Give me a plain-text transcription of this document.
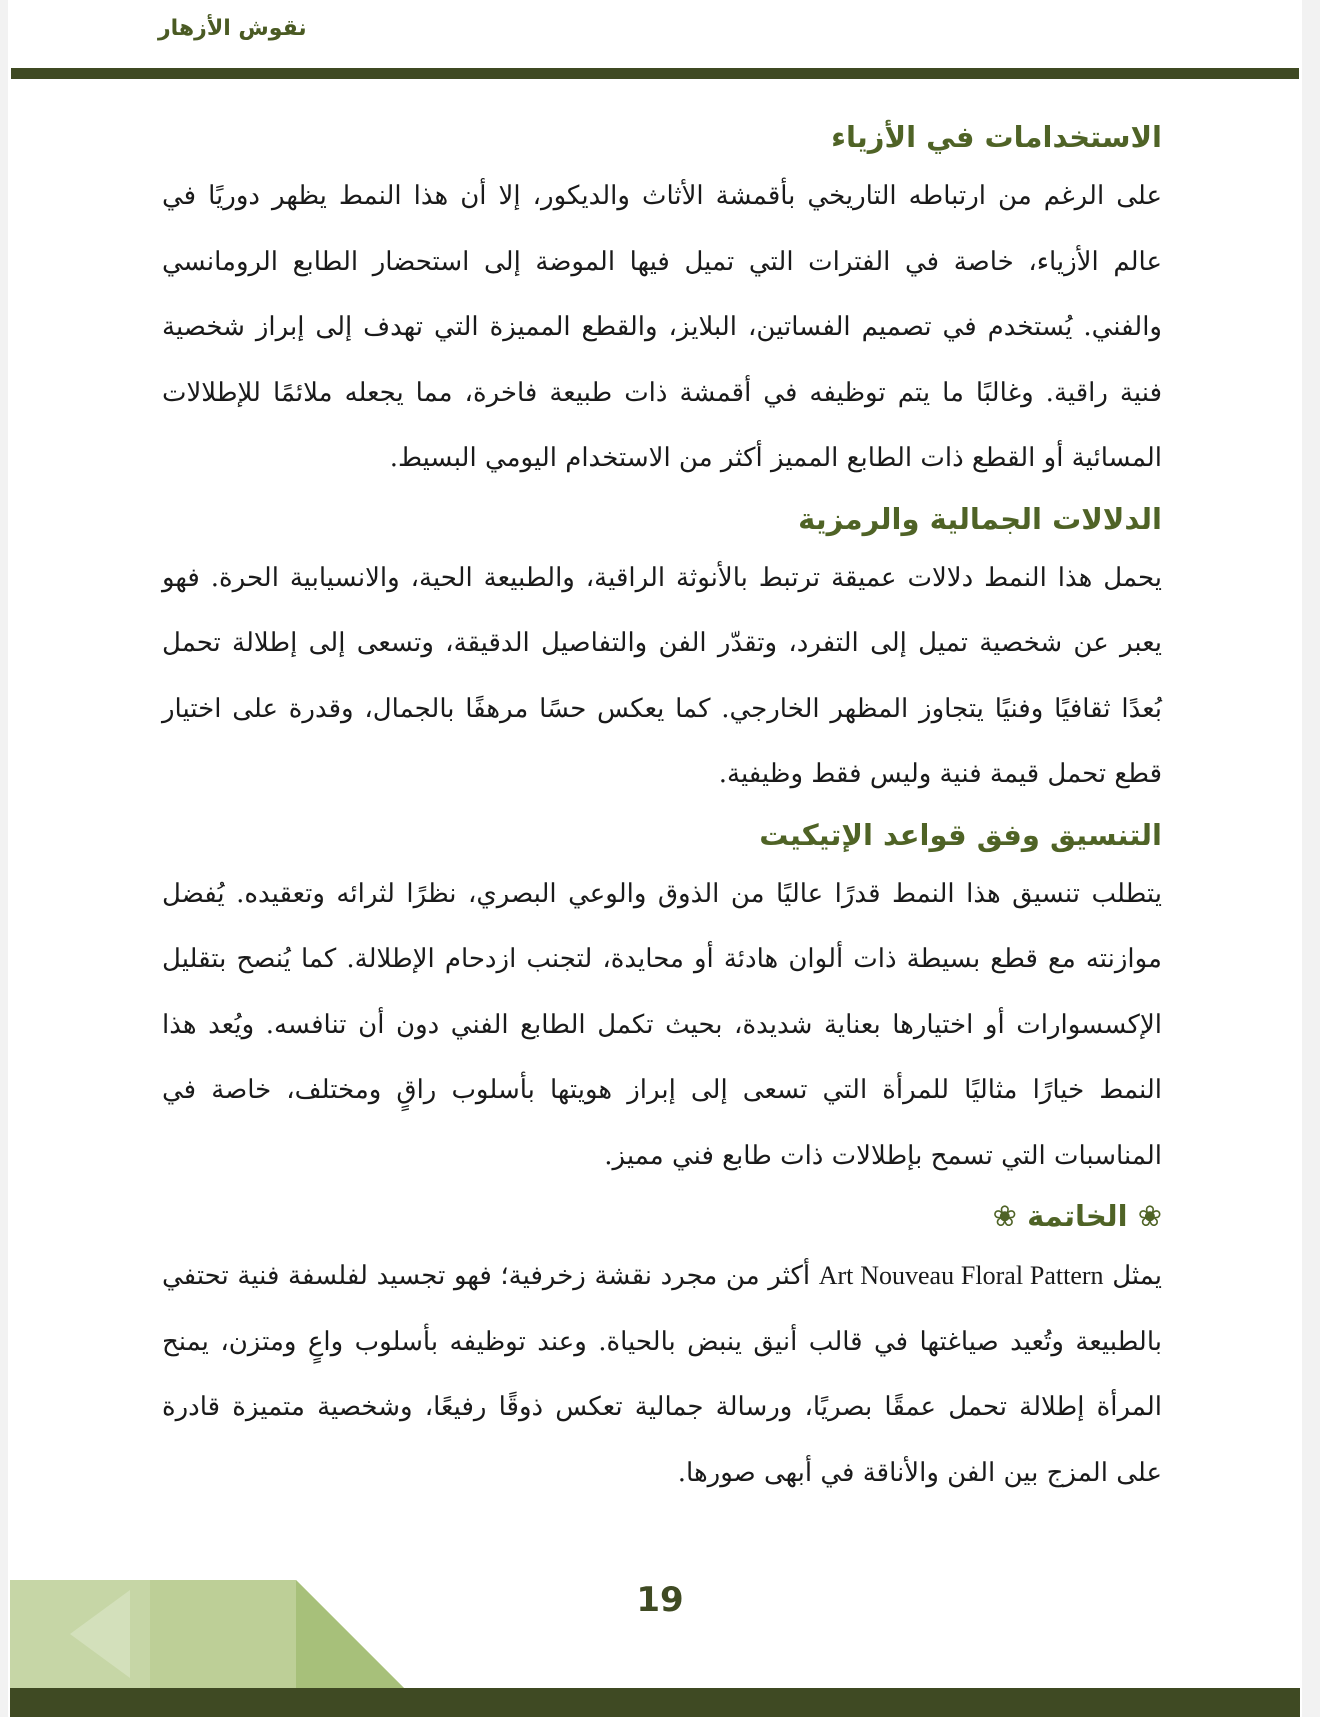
نقوش الأزهار
الاستخدامات في الأزياء

على الرغم من ارتباطه التاريخي بأقمشة الأثاث والديكور، إلا أن هذا النمط يظهر دوريًا في عالم الأزياء، خاصة في الفترات التي تميل فيها الموضة إلى استحضار الطابع الرومانسي والفني. يُستخدم في تصميم الفساتين، البلايز، والقطع المميزة التي تهدف إلى إبراز شخصية فنية راقية. وغالبًا ما يتم توظيفه في أقمشة ذات طبيعة فاخرة، مما يجعله ملائمًا للإطلالات المسائية أو القطع ذات الطابع المميز أكثر من الاستخدام اليومي البسيط.

الدلالات الجمالية والرمزية

يحمل هذا النمط دلالات عميقة ترتبط بالأنوثة الراقية، والطبيعة الحية، والانسيابية الحرة. فهو يعبر عن شخصية تميل إلى التفرد، وتقدّر الفن والتفاصيل الدقيقة، وتسعى إلى إطلالة تحمل بُعدًا ثقافيًا وفنيًا يتجاوز المظهر الخارجي. كما يعكس حسًا مرهفًا بالجمال، وقدرة على اختيار قطع تحمل قيمة فنية وليس فقط وظيفية.

التنسيق وفق قواعد الإتيكيت

يتطلب تنسيق هذا النمط قدرًا عاليًا من الذوق والوعي البصري، نظرًا لثرائه وتعقيده. يُفضل موازنته مع قطع بسيطة ذات ألوان هادئة أو محايدة، لتجنب ازدحام الإطلالة. كما يُنصح بتقليل الإكسسوارات أو اختيارها بعناية شديدة، بحيث تكمل الطابع الفني دون أن تنافسه. ويُعد هذا النمط خيارًا مثاليًا للمرأة التي تسعى إلى إبراز هويتها بأسلوب راقٍ ومختلف، خاصة في المناسبات التي تسمح بإطلالات ذات طابع فني مميز.

❀ الخاتمة ❀

يمثل Art Nouveau Floral Pattern أكثر من مجرد نقشة زخرفية؛ فهو تجسيد لفلسفة فنية تحتفي بالطبيعة وتُعيد صياغتها في قالب أنيق ينبض بالحياة. وعند توظيفه بأسلوب واعٍ ومتزن، يمنح المرأة إطلالة تحمل عمقًا بصريًا، ورسالة جمالية تعكس ذوقًا رفيعًا، وشخصية متميزة قادرة على المزج بين الفن والأناقة في أبهى صورها.

19
